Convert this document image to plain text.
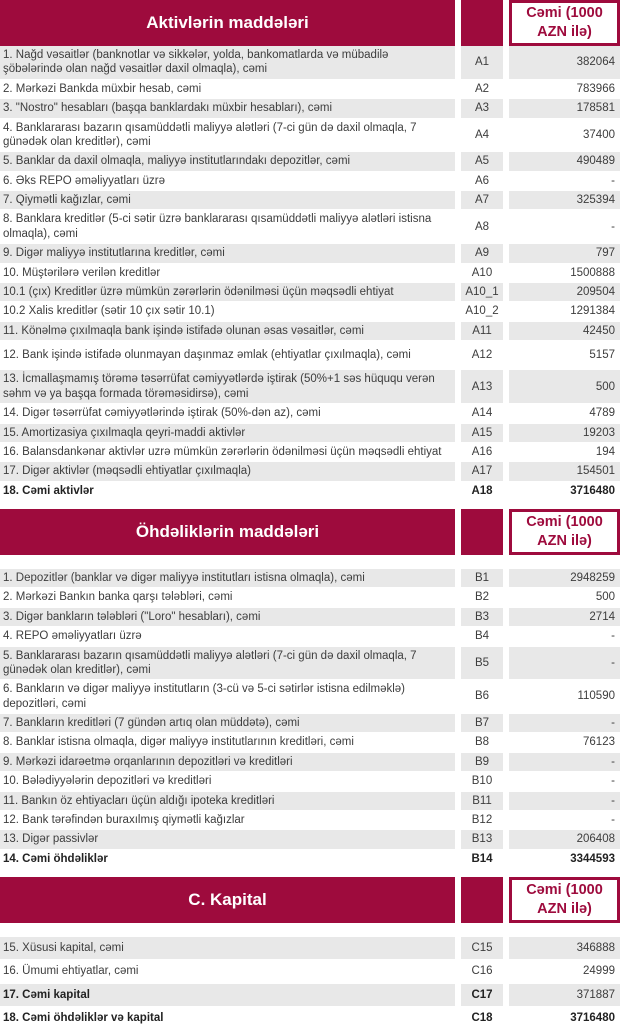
Aktivlərin maddələri	Cəmi (1000 AZN ilə)
1. Nağd vəsaitlər (banknotlar və sikkələr, yolda, bankomatlarda və mübadilə şöbələrində olan nağd vəsaitlər daxil olmaqla), cəmi
A1	382064
2. Mərkəzi Bankda müxbir hesab, cəmi	A2	783966
3. "Nostro" hesabları (başqa banklardakı müxbir hesabları), cəmi	A3	178581
4. Banklararası bazarın qısamüddətli maliyyə alətləri (7-ci gün də daxil olmaqla, 7 günədək olan kreditlər), cəmi
A4	37400
5. Banklar da daxil olmaqla, maliyyə institutlarındakı depozitlər, cəmi	A5	490489
6. Əks REPO əməliyyatları üzrə	A6	-
7. Qiymətli kağızlar, cəmi	A7	325394
8. Banklara kreditlər (5-ci sətir üzrə banklararası qısamüddətli maliyyə alətləri istisna olmaqla), cəmi
A8	-
9. Digər maliyyə institutlarına kreditlər, cəmi	A9	797
10. Müştərilərə verilən kreditlər	A10	1500888
10.1 (çıx) Kreditlər üzrə mümkün zərərlərin ödənilməsi üçün məqsədli ehtiyat	A10_1	209504
10.2 Xalis kreditlər (sətir 10 çıx sətir 10.1)	A10_2	1291384
11. Könəlmə çıxılmaqla bank işində istifadə olunan əsas vəsaitlər, cəmi	A11	42450
12. Bank işində istifadə olunmayan daşınmaz əmlak (ehtiyatlar çıxılmaqla), cəmi	A12	5157
13. İcmallaşmamış törəmə təsərrüfat cəmiyyətlərdə iştirak (50%+1 səs hüququ verən səhm və ya başqa formada törəməsidirsə), cəmi
A13	500
14. Digər təsərrüfat cəmiyyətlərində iştirak (50%-dən az), cəmi	A14	4789
15. Amortizasiya çıxılmaqla qeyri-maddi aktivlər	A15	19203
16. Balansdankənar aktivlər uzrə mümkün zərərlərin ödənilməsi üçün məqsədli ehtiyat	A16	194
17. Digər aktivlər (məqsədli ehtiyatlar çıxılmaqla)	A17	154501
18. Cəmi aktivlər	A18	3716480
Öhdəliklərin maddələri	Cəmi (1000 AZN ilə)
1. Depozitlər (banklar və digər maliyyə institutları istisna olmaqla), cəmi	B1	2948259
2. Mərkəzi Bankın banka qarşı tələbləri, cəmi	B2	500
3. Digər bankların tələbləri ("Loro" hesabları), cəmi	B3	2714
4. REPO əməliyyatları üzrə	B4	-
5. Banklararası bazarın qısamüddətli maliyyə alətləri (7-ci gün də daxil olmaqla, 7 günədək olan kreditlər), cəmi
B5	-
6. Bankların və digər maliyyə institutların (3-cü və 5-ci sətirlər istisna edilməklə) depozitləri, cəmi
B6	110590
7. Bankların kreditləri (7 gündən artıq olan müddətə), cəmi	B7	-
8. Banklar istisna olmaqla, digər maliyyə institutlarının kreditləri, cəmi	B8	76123
9. Mərkəzi idarəetmə orqanlarının depozitləri və kreditləri	B9	-
10. Bələdiyyələrin depozitləri və kreditləri	B10	-
11. Bankın öz ehtiyacları üçün aldığı ipoteka kreditləri	B11	-
12. Bank tərəfindən buraxılmış qiymətli kağızlar	B12	-
13. Digər passivlər	B13	206408
14. Cəmi öhdəliklər	B14	3344593
C. Kapital	Cəmi (1000 AZN ilə)
15. Xüsusi kapital, cəmi	C15	346888
16. Ümumi ehtiyatlar, cəmi	C16	24999
17. Cəmi kapital	C17	371887
18. Cəmi öhdəliklər və kapital	C18	3716480
